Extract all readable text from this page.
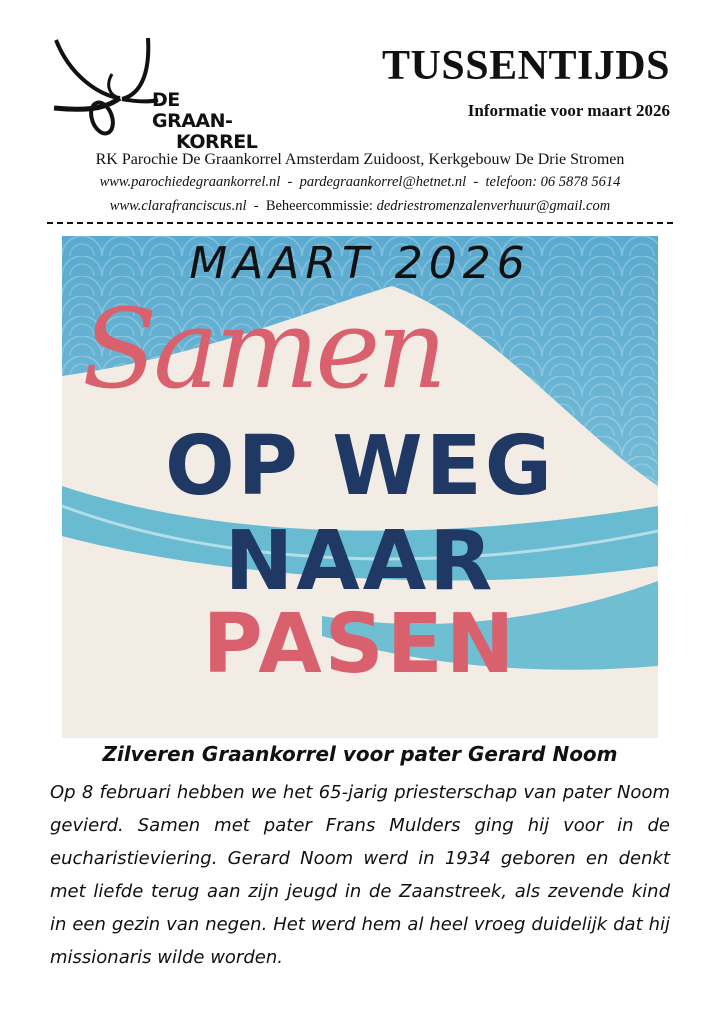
DE GRAAN-
KORREL
TUSSENTIJDS
Informatie voor maart 2026
RK Parochie De Graankorrel Amsterdam Zuidoost, Kerkgebouw De Drie Stromen
www.parochiedegraankorrel.nl - pardegraankorrel@hetnet.nl - telefoon: 06 5878 5614
www.clarafranciscus.nl - Beheercommissie: dedriestromenzalenverhuur@gmail.com
MAART 2026
Samen
OP WEG
NAAR
PASEN
Zilveren Graankorrel voor pater Gerard Noom

Op 8 februari hebben we het 65-jarig priesterschap van pater Noom gevierd. Samen met pater Frans Mulders ging hij voor in de eucharistieviering. Gerard Noom werd in 1934 geboren en denkt met liefde terug aan zijn jeugd in de Zaanstreek, als zevende kind in een gezin van negen. Het werd hem al heel vroeg duidelijk dat hij missionaris wilde worden.
